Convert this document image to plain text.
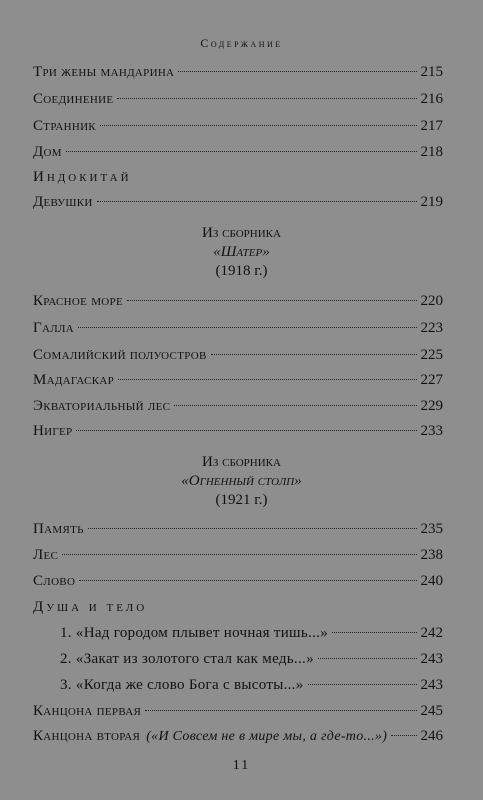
Содержание
Три жены мандарина	215
Соединение	216
Странник	217
Дом	218
Индокитай
Девушки	219
Из сборника
«Шатер»
(1918 г.)
Красное море	220
Галла	223
Сомалийский полуостров	225
Мадагаскар	227
Экваториальный лес	229
Нигер	233
Из сборника
«Огненный столп»
(1921 г.)
Память	235
Лес	238
Слово	240
Душа и тело
1. «Над городом плывет ночная тишь...»	242
2. «Закат из золотого стал как медь...»	243
3. «Когда же слово Бога с высоты...»	243
Канцона первая	245
Канцона вторая («И Совсем не в мире мы, а где-то...») 246
11
